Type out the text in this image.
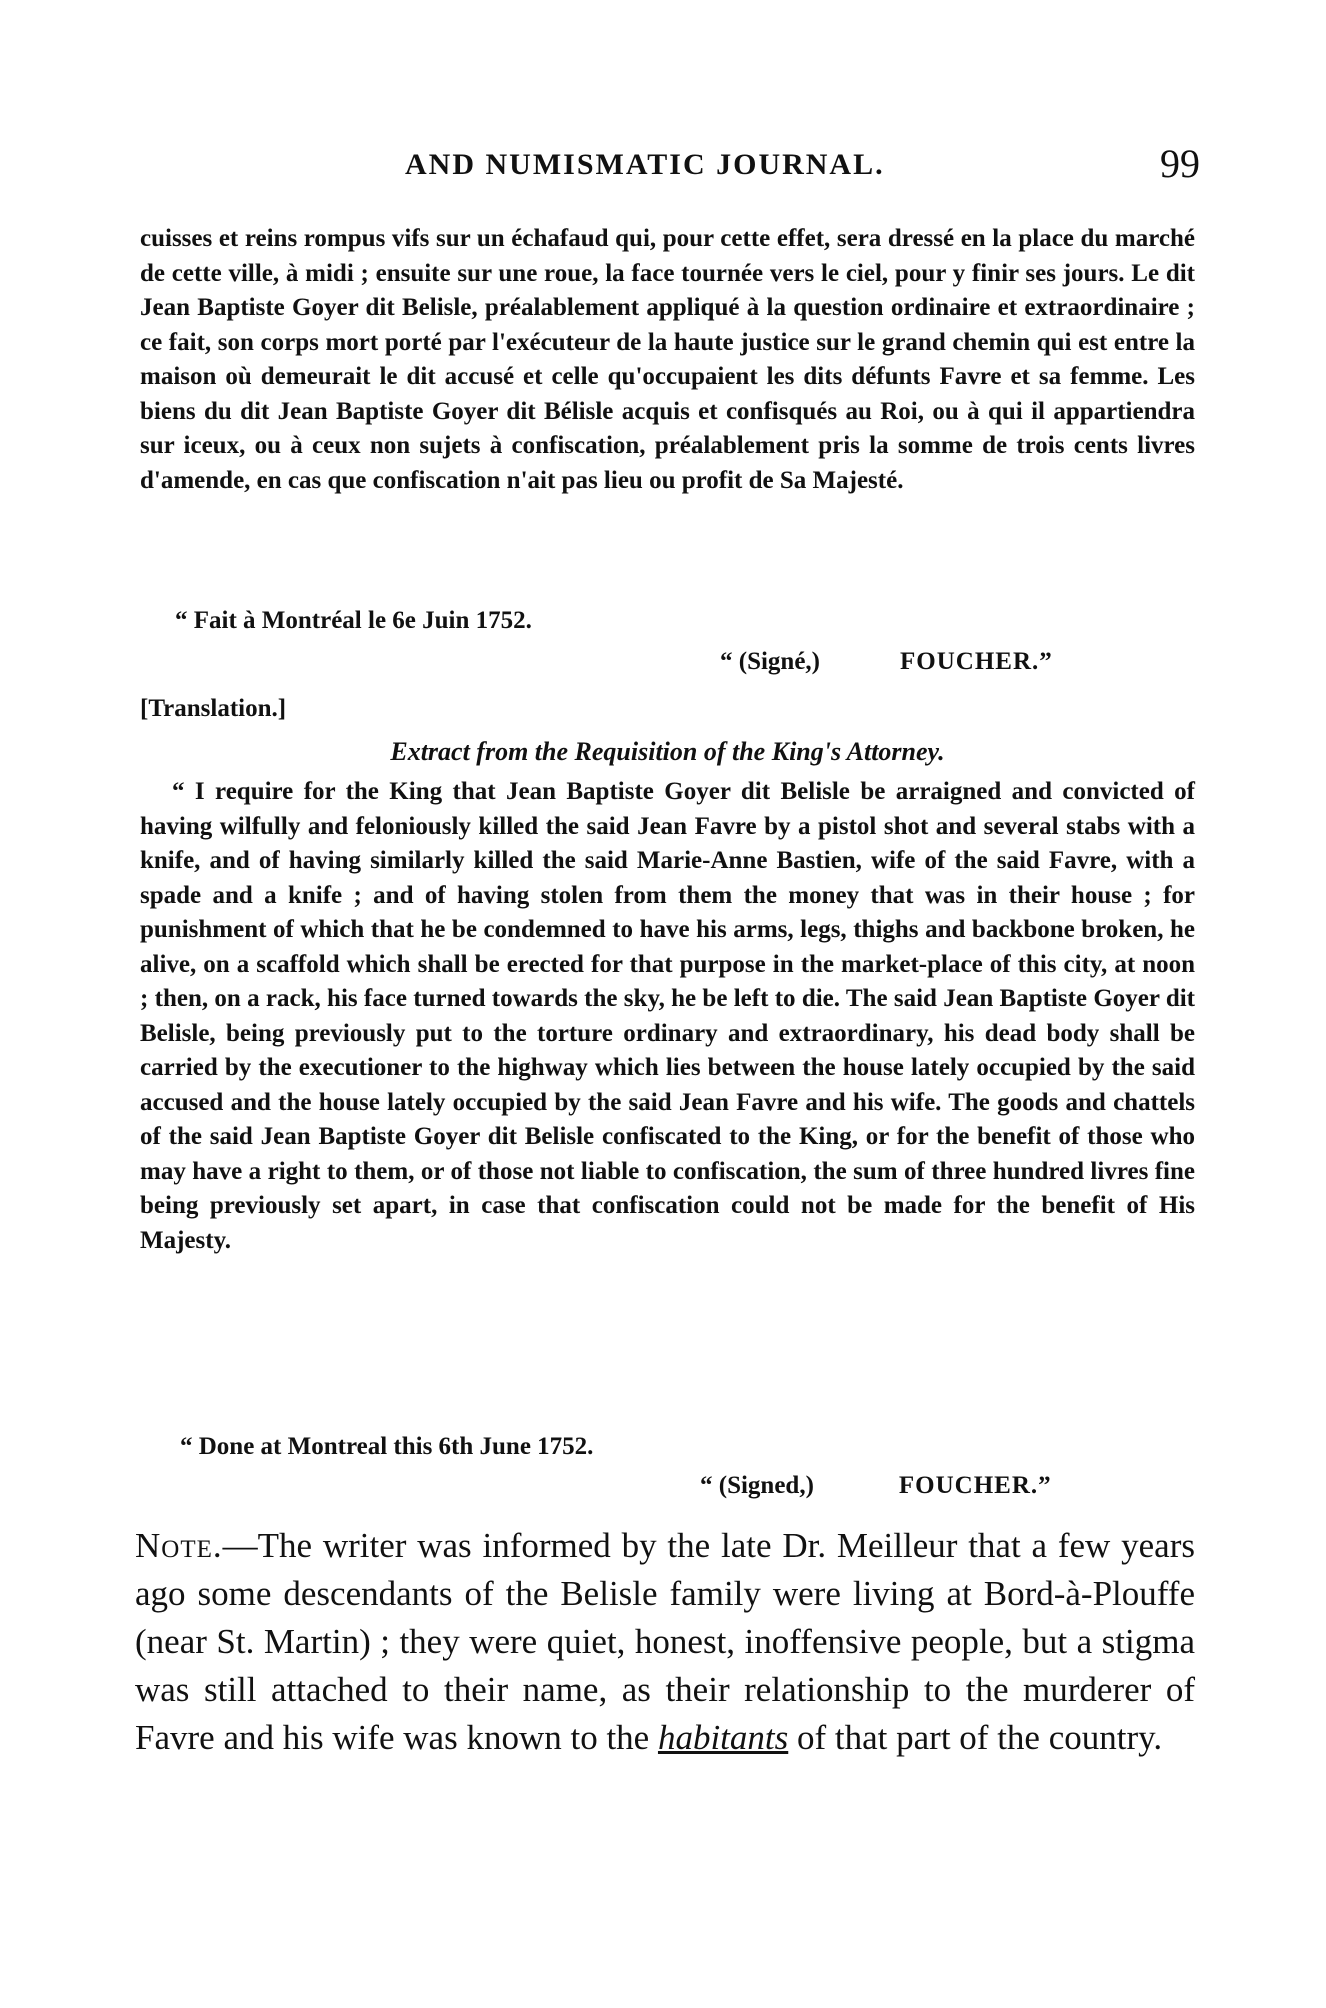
AND NUMISMATIC JOURNAL.	99

cuisses et reins rompus vifs sur un échafaud qui, pour cette effet, sera dressé en la place du marché de cette ville, à midi ; ensuite sur une roue, la face tournée vers le ciel, pour y finir ses jours. Le dit Jean Baptiste Goyer dit Belisle, préalablement appliqué à la question ordinaire et extraordinaire ; ce fait, son corps mort porté par l'exécuteur de la haute justice sur le grand chemin qui est entre la maison où demeurait le dit accusé et celle qu'occupaient les dits défunts Favre et sa femme. Les biens du dit Jean Baptiste Goyer dit Bélisle acquis et confisqués au Roi, ou à qui il appartiendra sur iceux, ou à ceux non sujets à confiscation, préalablement pris la somme de trois cents livres d'amende, en cas que confiscation n'ait pas lieu ou profit de Sa Majesté.

“ Fait à Montréal le 6e Juin 1752.
“ (Signé,)	FOUCHER.”
[Translation.]
Extract from the Requisition of the King's Attorney.

“ I require for the King that Jean Baptiste Goyer dit Belisle be arraigned and convicted of having wilfully and feloniously killed the said Jean Favre by a pistol shot and several stabs with a knife, and of having similarly killed the said Marie-Anne Bastien, wife of the said Favre, with a spade and a knife ; and of having stolen from them the money that was in their house ; for punishment of which that he be condemned to have his arms, legs, thighs and backbone broken, he alive, on a scaffold which shall be erected for that purpose in the market-place of this city, at noon ; then, on a rack, his face turned towards the sky, he be left to die. The said Jean Baptiste Goyer dit Belisle, being previously put to the torture ordinary and extraordinary, his dead body shall be carried by the executioner to the highway which lies between the house lately occupied by the said accused and the house lately occupied by the said Jean Favre and his wife. The goods and chattels of the said Jean Baptiste Goyer dit Belisle confiscated to the King, or for the benefit of those who may have a right to them, or of those not liable to confiscation, the sum of three hundred livres fine being previously set apart, in case that confiscation could not be made for the benefit of His Majesty.

“ Done at Montreal this 6th June 1752.
“ (Signed,)	FOUCHER.”

Note.—The writer was informed by the late Dr. Meilleur that a few years ago some descendants of the Belisle family were living at Bord-à-Plouffe (near St. Martin) ; they were quiet, honest, inoffensive people, but a stigma was still attached to their name, as their relationship to the murderer of Favre and his wife was known to the habitants of that part of the country.
